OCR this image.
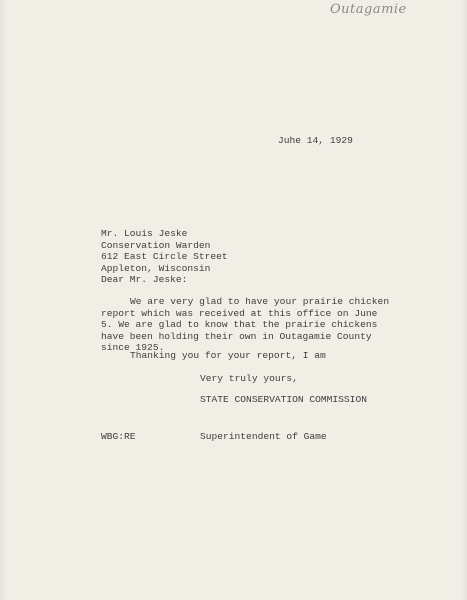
Outagamie
Juhe 14, 1929
Mr. Louis Jeske
Conservation Warden
612 East Circle Street
Appleton, Wisconsin
Dear Mr. Jeske:
We are very glad to have your prairie chicken
report which was received at this office on June
5. We are glad to know that the prairie chickens
have been holding their own in Outagamie County
since 1925.
Thanking you for your report, I am
Very truly yours,
STATE CONSERVATION COMMISSION
WBG:RE	Superintendent of Game
